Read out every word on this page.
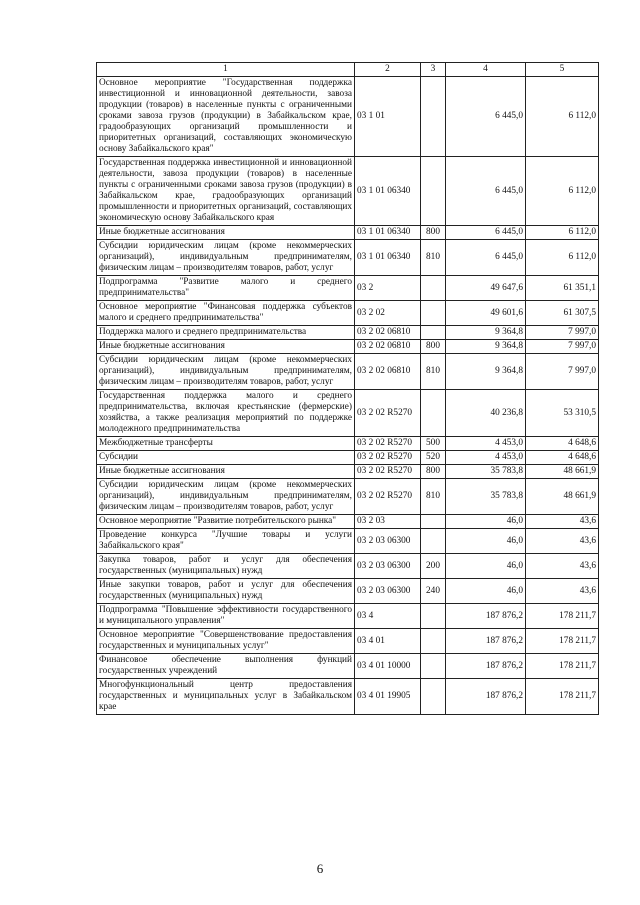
1	2	3	4	5
Основное мероприятие "Государственная поддержка инвестиционной и инновационной деятельности, завоза продукции (товаров) в населенные пункты с ограниченными сроками завоза грузов (продукции) в Забайкальском крае, градообразующих организаций промышленности и приоритетных организаций, составляющих экономическую основу Забайкальского края"	03 1 01		6 445,0	6 112,0
Государственная поддержка инвестиционной и инновационной деятельности, завоза продукции (товаров) в населенные пункты с ограниченными сроками завоза грузов (продукции) в Забайкальском крае, градообразующих организаций промышленности и приоритетных организаций, составляющих экономическую основу Забайкальского края	03 1 01 06340		6 445,0	6 112,0
Иные бюджетные ассигнования	03 1 01 06340	800	6 445,0	6 112,0
Субсидии юридическим лицам (кроме некоммерческих организаций), индивидуальным предпринимателям, физическим лицам – производителям товаров, работ, услуг	03 1 01 06340	810	6 445,0	6 112,0
Подпрограмма "Развитие малого и среднего предпринимательства"	03 2		49 647,6	61 351,1
Основное мероприятие "Финансовая поддержка субъектов малого и среднего предпринимательства"	03 2 02		49 601,6	61 307,5
Поддержка малого и среднего предпринимательства	03 2 02 06810		9 364,8	7 997,0
Иные бюджетные ассигнования	03 2 02 06810	800	9 364,8	7 997,0
Субсидии юридическим лицам (кроме некоммерческих организаций), индивидуальным предпринимателям, физическим лицам – производителям товаров, работ, услуг	03 2 02 06810	810	9 364,8	7 997,0
Государственная поддержка малого и среднего предпринимательства, включая крестьянские (фермерские) хозяйства, а также реализация мероприятий по поддержке молодежного предпринимательства	03 2 02 R5270		40 236,8	53 310,5
Межбюджетные трансферты	03 2 02 R5270	500	4 453,0	4 648,6
Субсидии	03 2 02 R5270	520	4 453,0	4 648,6
Иные бюджетные ассигнования	03 2 02 R5270	800	35 783,8	48 661,9
Субсидии юридическим лицам (кроме некоммерческих организаций), индивидуальным предпринимателям, физическим лицам – производителям товаров, работ, услуг	03 2 02 R5270	810	35 783,8	48 661,9
Основное мероприятие "Развитие потребительского рынка"	03 2 03		46,0	43,6
Проведение конкурса "Лучшие товары и услуги Забайкальского края"	03 2 03 06300		46,0	43,6
Закупка товаров, работ и услуг для обеспечения государственных (муниципальных) нужд	03 2 03 06300	200	46,0	43,6
Иные закупки товаров, работ и услуг для обеспечения государственных (муниципальных) нужд	03 2 03 06300	240	46,0	43,6
Подпрограмма "Повышение эффективности государственного и муниципального управления"	03 4		187 876,2	178 211,7
Основное мероприятие "Совершенствование предоставления государственных и муниципальных услуг"	03 4 01		187 876,2	178 211,7
Финансовое обеспечение выполнения функций государственных учреждений	03 4 01 10000		187 876,2	178 211,7
Многофункциональный центр предоставления государственных и муниципальных услуг в Забайкальском крае	03 4 01 19905		187 876,2	178 211,7
6
